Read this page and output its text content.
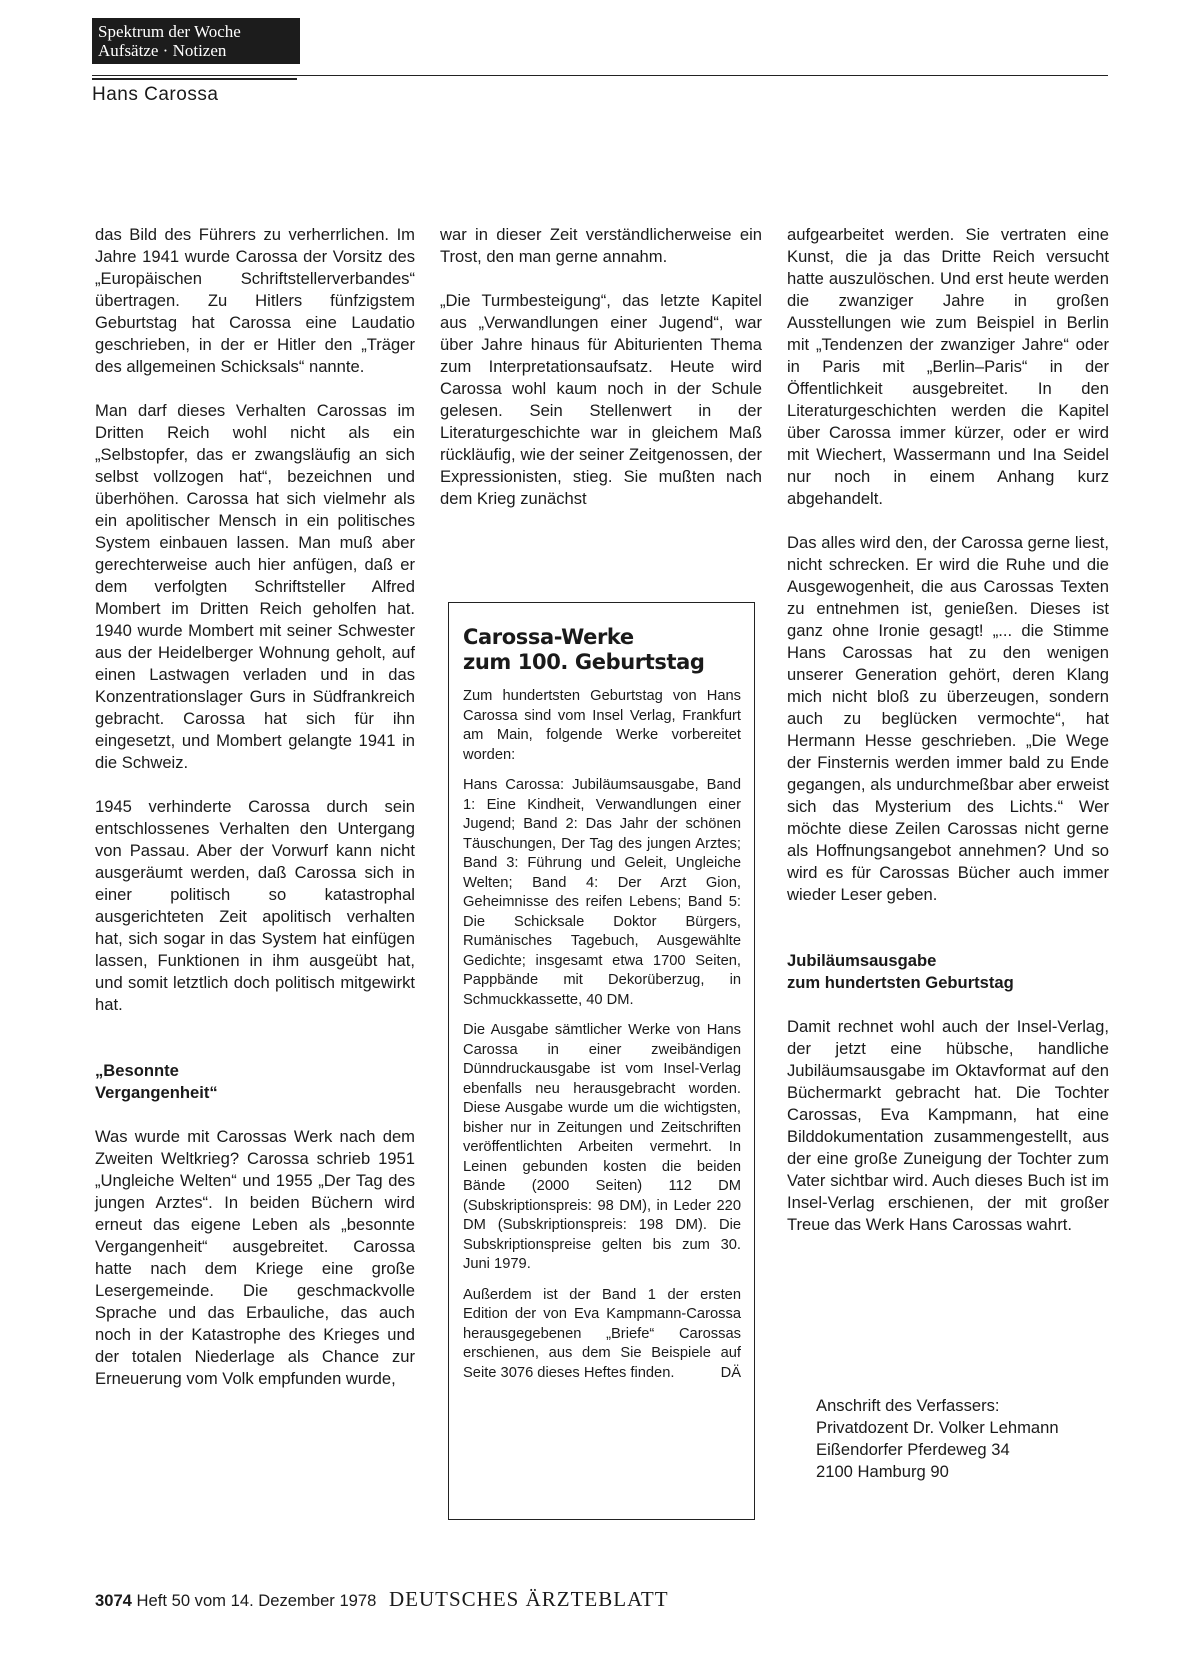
Spektrum der Woche
Aufsätze · Notizen
Hans Carossa

das Bild des Führers zu verherrlichen. Im Jahre 1941 wurde Carossa der Vorsitz des „Europäischen Schriftstellerverbandes“ übertragen. Zu Hitlers fünfzigstem Geburtstag hat Carossa eine Laudatio geschrieben, in der er Hitler den „Träger des allgemeinen Schicksals“ nannte.

Man darf dieses Verhalten Carossas im Dritten Reich wohl nicht als ein „Selbstopfer, das er zwangsläufig an sich selbst vollzogen hat“, bezeichnen und überhöhen. Carossa hat sich vielmehr als ein apolitischer Mensch in ein politisches System einbauen lassen. Man muß aber gerechterweise auch hier anfügen, daß er dem verfolgten Schriftsteller Alfred Mombert im Dritten Reich geholfen hat. 1940 wurde Mombert mit seiner Schwester aus der Heidelberger Wohnung geholt, auf einen Lastwagen verladen und in das Konzentrationslager Gurs in Südfrankreich gebracht. Carossa hat sich für ihn eingesetzt, und Mombert gelangte 1941 in die Schweiz.

1945 verhinderte Carossa durch sein entschlossenes Verhalten den Untergang von Passau. Aber der Vorwurf kann nicht ausgeräumt werden, daß Carossa sich in einer politisch so katastrophal ausgerichteten Zeit apolitisch verhalten hat, sich sogar in das System hat einfügen lassen, Funktionen in ihm ausgeübt hat, und somit letztlich doch politisch mitgewirkt hat.

„Besonnte Vergangenheit“

Was wurde mit Carossas Werk nach dem Zweiten Weltkrieg? Carossa schrieb 1951 „Ungleiche Welten“ und 1955 „Der Tag des jungen Arztes“. In beiden Büchern wird erneut das eigene Leben als „besonnte Vergangenheit“ ausgebreitet. Carossa hatte nach dem Kriege eine große Lesergemeinde. Die geschmackvolle Sprache und das Erbauliche, das auch noch in der Katastrophe des Krieges und der totalen Niederlage als Chance zur Erneuerung vom Volk empfunden wurde,

war in dieser Zeit verständlicherweise ein Trost, den man gerne annahm.

„Die Turmbesteigung“, das letzte Kapitel aus „Verwandlungen einer Jugend“, war über Jahre hinaus für Abiturienten Thema zum Interpretationsaufsatz. Heute wird Carossa wohl kaum noch in der Schule gelesen. Sein Stellenwert in der Literaturgeschichte war in gleichem Maß rückläufig, wie der seiner Zeitgenossen, der Expressionisten, stieg. Sie mußten nach dem Krieg zunächst

Carossa-Werke
zum 100. Geburtstag

Zum hundertsten Geburtstag von Hans Carossa sind vom Insel Verlag, Frankfurt am Main, folgende Werke vorbereitet worden:

Hans Carossa: Jubiläumsausgabe, Band 1: Eine Kindheit, Verwandlungen einer Jugend; Band 2: Das Jahr der schönen Täuschungen, Der Tag des jungen Arztes; Band 3: Führung und Geleit, Ungleiche Welten; Band 4: Der Arzt Gion, Geheimnisse des reifen Lebens; Band 5: Die Schicksale Doktor Bürgers, Rumänisches Tagebuch, Ausgewählte Gedichte; insgesamt etwa 1700 Seiten, Pappbände mit Dekorüberzug, in Schmuckkassette, 40 DM.

Die Ausgabe sämtlicher Werke von Hans Carossa in einer zweibändigen Dünndruckausgabe ist vom Insel-Verlag ebenfalls neu herausgebracht worden. Diese Ausgabe wurde um die wichtigsten, bisher nur in Zeitungen und Zeitschriften veröffentlichten Arbeiten vermehrt. In Leinen gebunden kosten die beiden Bände (2000 Seiten) 112 DM (Subskriptionspreis: 98 DM), in Leder 220 DM (Subskriptionspreis: 198 DM). Die Subskriptionspreise gelten bis zum 30. Juni 1979.

Außerdem ist der Band 1 der ersten Edition der von Eva Kampmann-Carossa herausgegebenen „Briefe“ Carossas erschienen, aus dem Sie Beispiele auf Seite 3076 dieses Heftes finden.	DÄ

aufgearbeitet werden. Sie vertraten eine Kunst, die ja das Dritte Reich versucht hatte auszulöschen. Und erst heute werden die zwanziger Jahre in großen Ausstellungen wie zum Beispiel in Berlin mit „Tendenzen der zwanziger Jahre“ oder in Paris mit „Berlin–Paris“ in der Öffentlichkeit ausgebreitet. In den Literaturgeschichten werden die Kapitel über Carossa immer kürzer, oder er wird mit Wiechert, Wassermann und Ina Seidel nur noch in einem Anhang kurz abgehandelt.

Das alles wird den, der Carossa gerne liest, nicht schrecken. Er wird die Ruhe und die Ausgewogenheit, die aus Carossas Texten zu entnehmen ist, genießen. Dieses ist ganz ohne Ironie gesagt! „... die Stimme Hans Carossas hat zu den wenigen unserer Generation gehört, deren Klang mich nicht bloß zu überzeugen, sondern auch zu beglücken vermochte“, hat Hermann Hesse geschrieben. „Die Wege der Finsternis werden immer bald zu Ende gegangen, als undurchmeßbar aber erweist sich das Mysterium des Lichts.“ Wer möchte diese Zeilen Carossas nicht gerne als Hoffnungsangebot annehmen? Und so wird es für Carossas Bücher auch immer wieder Leser geben.

Jubiläumsausgabe
zum hundertsten Geburtstag

Damit rechnet wohl auch der Insel-Verlag, der jetzt eine hübsche, handliche Jubiläumsausgabe im Oktavformat auf den Büchermarkt gebracht hat. Die Tochter Carossas, Eva Kampmann, hat eine Bilddokumentation zusammengestellt, aus der eine große Zuneigung der Tochter zum Vater sichtbar wird. Auch dieses Buch ist im Insel-Verlag erschienen, der mit großer Treue das Werk Hans Carossas wahrt.

Anschrift des Verfassers:
Privatdozent Dr. Volker Lehmann
Eißendorfer Pferdeweg 34
2100 Hamburg 90
3074 Heft 50 vom 14. Dezember 1978 DEUTSCHES ÄRZTEBLATT
